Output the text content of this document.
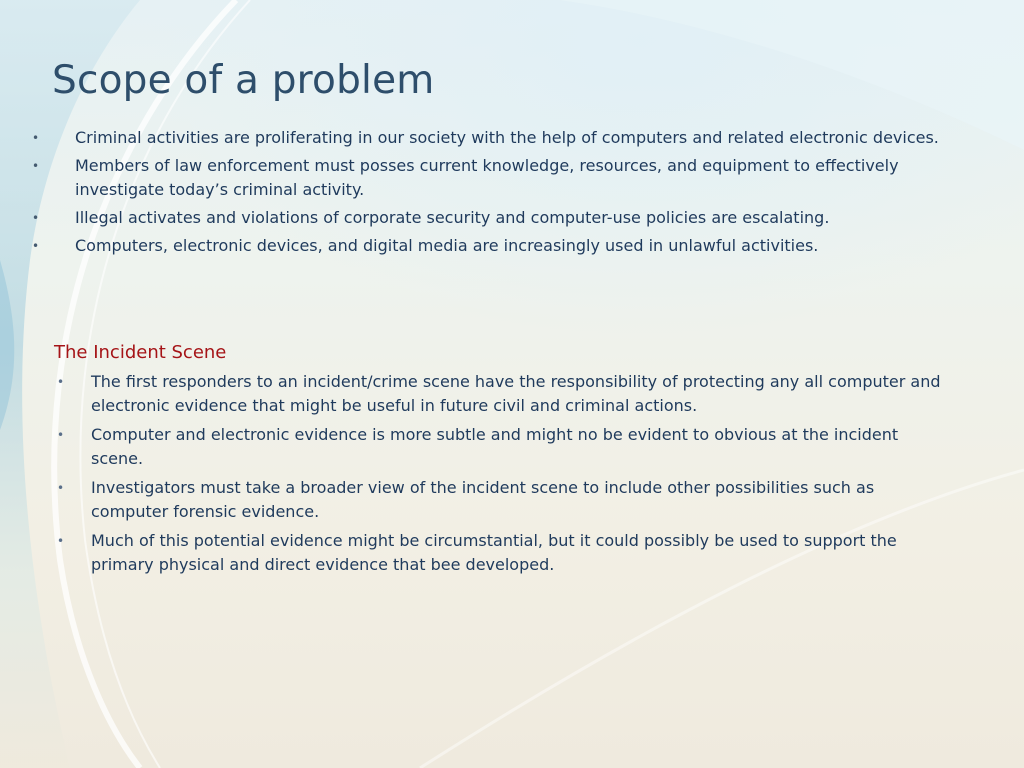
Scope of a problem
• Criminal activities are proliferating in our society with the help of computers and related electronic devices.
• Members of law enforcement must posses current knowledge, resources, and equipment to effectively investigate today’s criminal activity.
• Illegal activates and violations of corporate security and computer-use policies are escalating.
• Computers, electronic devices, and digital media are increasingly used in unlawful activities.
The Incident Scene
• The first responders to an incident/crime scene have the responsibility of protecting any all computer and electronic evidence that might be useful in future civil and criminal actions.
• Computer and electronic evidence is more subtle and might no be evident to obvious at the incident scene.
• Investigators must take a broader view of the incident scene to include other possibilities such as computer forensic evidence.
• Much of this potential evidence might be circumstantial, but it could possibly be used to support the primary physical and direct evidence that bee developed.
